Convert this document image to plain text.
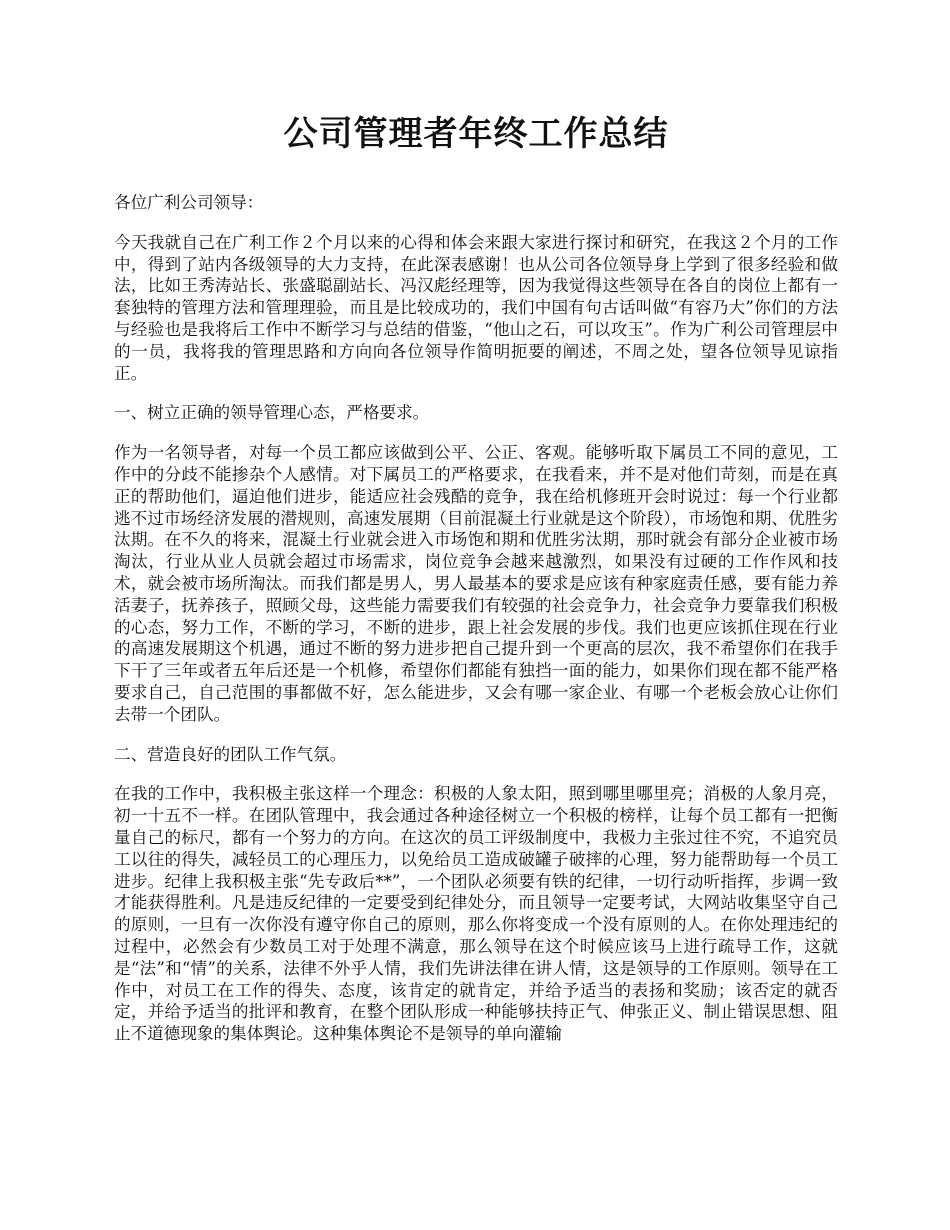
公司管理者年终工作总结

各位广利公司领导：

今天我就自己在广利工作２个月以来的心得和体会来跟大家进行探讨和研究，在我这２个月的工作中，得到了站内各级领导的大力支持，在此深表感谢！也从公司各位领导身上学到了很多经验和做法，比如王秀涛站长、张盛聪副站长、冯汉彪经理等，因为我觉得这些领导在各自的岗位上都有一套独特的管理方法和管理理验，而且是比较成功的，我们中国有句古话叫做“有容乃大”你们的方法与经验也是我将后工作中不断学习与总结的借鉴，“他山之石，可以攻玉”。作为广利公司管理层中的一员，我将我的管理思路和方向向各位领导作简明扼要的阐述，不周之处，望各位领导见谅指正。

一、树立正确的领导管理心态，严格要求。

作为一名领导者，对每一个员工都应该做到公平、公正、客观。能够听取下属员工不同的意见，工作中的分歧不能掺杂个人感情。对下属员工的严格要求，在我看来，并不是对他们苛刻，而是在真正的帮助他们，逼迫他们进步，能适应社会残酷的竞争，我在给机修班开会时说过：每一个行业都逃不过市场经济发展的潜规则，高速发展期（目前混凝土行业就是这个阶段），市场饱和期、优胜劣汰期。在不久的将来，混凝土行业就会进入市场饱和期和优胜劣汰期，那时就会有部分企业被市场淘汰，行业从业人员就会超过市场需求，岗位竞争会越来越激烈，如果没有过硬的工作作风和技术，就会被市场所淘汰。而我们都是男人，男人最基本的要求是应该有种家庭责任感，要有能力养活妻子，抚养孩子，照顾父母，这些能力需要我们有较强的社会竞争力，社会竞争力要靠我们积极的心态，努力工作，不断的学习，不断的进步，跟上社会发展的步伐。我们也更应该抓住现在行业的高速发展期这个机遇，通过不断的努力进步把自己提升到一个更高的层次，我不希望你们在我手下干了三年或者五年后还是一个机修，希望你们都能有独挡一面的能力，如果你们现在都不能严格要求自己，自己范围的事都做不好，怎么能进步，又会有哪一家企业、有哪一个老板会放心让你们去带一个团队。

二、营造良好的团队工作气氛。

在我的工作中，我积极主张这样一个理念：积极的人象太阳，照到哪里哪里亮；消极的人象月亮，初一十五不一样。在团队管理中，我会通过各种途径树立一个积极的榜样，让每个员工都有一把衡量自己的标尺，都有一个努力的方向。在这次的员工评级制度中，我极力主张过往不究，不追究员工以往的得失，减轻员工的心理压力，以免给员工造成破罐子破摔的心理，努力能帮助每一个员工进步。纪律上我积极主张“先专政后**”，一个团队必须要有铁的纪律，一切行动听指挥，步调一致才能获得胜利。凡是违反纪律的一定要受到纪律处分，而且领导一定要考试，大网站收集坚守自己的原则，一旦有一次你没有遵守你自己的原则，那么你将变成一个没有原则的人。在你处理违纪的过程中，必然会有少数员工对于处理不满意，那么领导在这个时候应该马上进行疏导工作，这就是“法”和“情”的关系，法律不外乎人情，我们先讲法律在讲人情，这是领导的工作原则。领导在工作中，对员工在工作的得失、态度，该肯定的就肯定，并给予适当的表扬和奖励；该否定的就否定，并给予适当的批评和教育，在整个团队形成一种能够扶持正气、伸张正义、制止错误思想、阻止不道德现象的集体舆论。这种集体舆论不是领导的单向灌输
